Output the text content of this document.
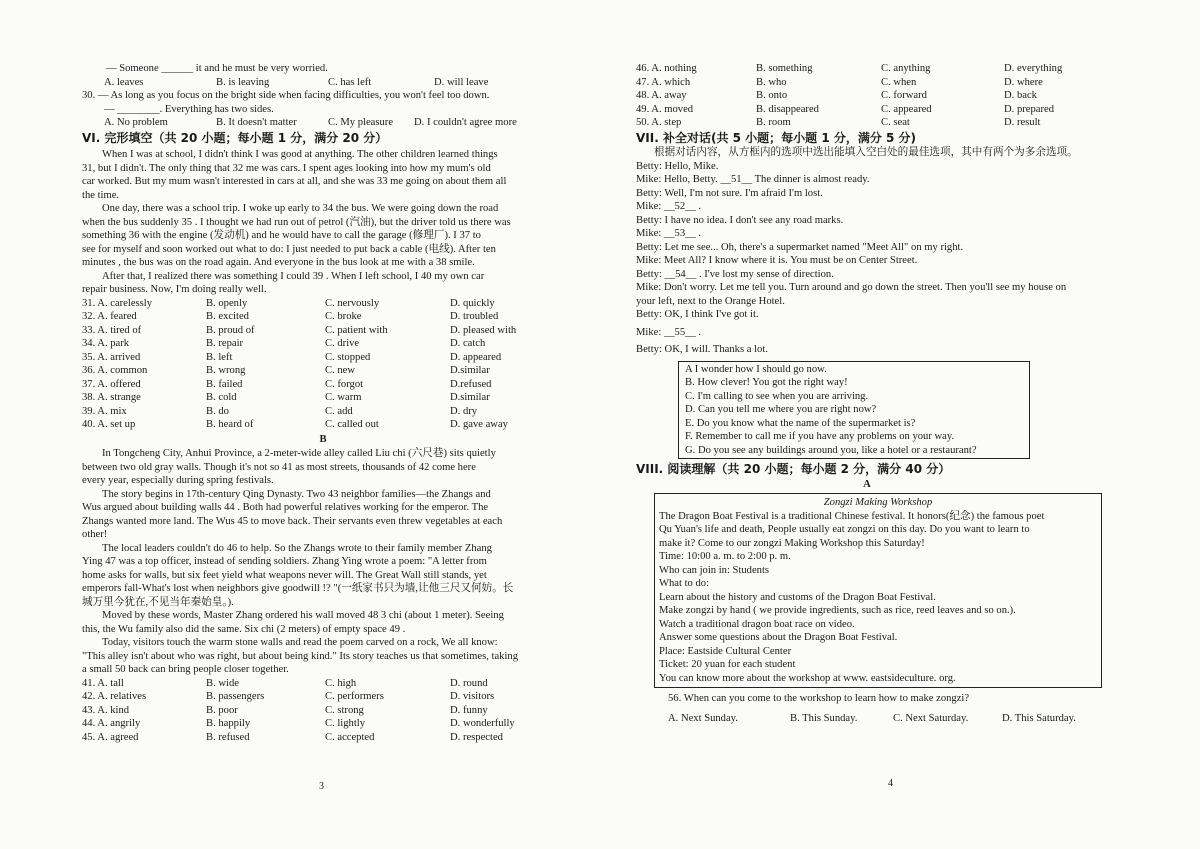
— Someone ______ it and he must be very worried.
A. leaves	B. is leaving	C. has left	D. will leave
30. — As long as you focus on the bright side when facing difficulties, you won't feel too down.
— ________. Everything has two sides.
A. No problem	B. It doesn't matter	C. My pleasure	D. I couldn't agree more
VI. 完形填空（共 20 小题；每小题 1 分，满分 20 分）
When I was at school, I didn't think I was good at anything. The other children learned things
31, but I didn't. The only thing that 32 me was cars. I spent ages looking into how my mum's old
car worked. But my mum wasn't interested in cars at all, and she was 33 me going on about them all
the time.
One day, there was a school trip. I woke up early to 34 the bus. We were going down the road
when the bus suddenly 35 . I thought we had run out of petrol (汽油), but the driver told us there was
something 36 with the engine (发动机) and he would have to call the garage (修理厂). I 37 to
see for myself and soon worked out what to do: I just needed to put back a cable (电线). After ten
minutes , the bus was on the road again. And everyone in the bus look at me with a 38 smile.
After that, I realized there was something I could 39 . When I left school, I 40 my own car
repair business. Now, I'm doing really well.
31. A. carelessly	B. openly	C. nervously	D. quickly
32. A. feared	B. excited	C. broke	D. troubled
33. A. tired of	B. proud of	C. patient with	D. pleased with
34. A. park	B. repair	C. drive	D. catch
35. A. arrived	B. left	C. stopped	D. appeared
36. A. common	B. wrong	C. new	D.similar
37. A. offered	B. failed	C. forgot	D.refused
38. A. strange	B. cold	C. warm	D.similar
39. A. mix	B. do	C. add	D. dry
40. A. set up	B. heard of	C. called out	D. gave away
B
In Tongcheng City, Anhui Province, a 2-meter-wide alley called Liu chi (六尺巷) sits quietly
between two old gray walls. Though it's not so 41 as most streets, thousands of 42 come here
every year, especially during spring festivals.
The story begins in 17th-century Qing Dynasty. Two 43 neighbor families—the Zhangs and
Wus argued about building walls 44 . Both had powerful relatives working for the emperor. The
Zhangs wanted more land. The Wus 45 to move back. Their servants even threw vegetables at each
other!
The local leaders couldn't do 46 to help. So the Zhangs wrote to their family member Zhang
Ying 47 was a top officer, instead of sending soldiers. Zhang Ying wrote a poem: "A letter from
home asks for walls, but six feet yield what weapons never will. The Great Wall still stands, yet
emperors fall-What's lost when neighbors give goodwill !? "(一纸家书只为墙,让他三尺又何妨。长
城万里今犹在,不见当年秦始皇。).
Moved by these words, Master Zhang ordered his wall moved 48 3 chi (about 1 meter). Seeing
this, the Wu family also did the same. Six chi (2 meters) of empty space 49 .
Today, visitors touch the warm stone walls and read the poem carved on a rock, We all know:
"This alley isn't about who was right, but about being kind." Its story teaches us that sometimes, taking
a small 50 back can bring people closer together.
41. A. tall	B. wide	C. high	D. round
42. A. relatives	B. passengers	C. performers	D. visitors
43. A. kind	B. poor	C. strong	D. funny
44. A. angrily	B. happily	C. lightly	D. wonderfully
45. A. agreed	B. refused	C. accepted	D. respected
3
46. A. nothing	B. something	C. anything	D. everything
47. A. which	B. who	C. when	D. where
48. A. away	B. onto	C. forward	D. back
49. A. moved	B. disappeared	C. appeared	D. prepared
50. A. step	B. room	C. seat	D. result
VII. 补全对话(共 5 小题；每小题 1 分，满分 5 分)
根据对话内容，从方框内的选项中选出能填入空白处的最佳选项，其中有两个为多余选项。
Betty: Hello, Mike.
Mike: Hello, Betty. __51__ The dinner is almost ready.
Betty: Well, I'm not sure. I'm afraid I'm lost.
Mike: __52__ .
Betty: I have no idea. I don't see any road marks.
Mike: __53__ .
Betty: Let me see... Oh, there's a supermarket named "Meet All" on my right.
Mike: Meet All? I know where it is. You must be on Center Street.
Betty: __54__ . I've lost my sense of direction.
Mike: Don't worry. Let me tell you. Turn around and go down the street. Then you'll see my house on
your left, next to the Orange Hotel.
Betty: OK, I think I've got it.
Mike: __55__ .
Betty: OK, I will. Thanks a lot.
A I wonder how I should go now.
B. How clever! You got the right way!
C. I'm calling to see when you are arriving.
D. Can you tell me where you are right now?
E. Do you know what the name of the supermarket is?
F. Remember to call me if you have any problems on your way.
G. Do you see any buildings around you, like a hotel or a restaurant?
VIII. 阅读理解（共 20 小题；每小题 2 分，满分 40 分）
A
Zongzi Making Workshop
The Dragon Boat Festival is a traditional Chinese festival. It honors(纪念) the famous poet
Qu Yuan's life and death, People usually eat zongzi on this day. Do you want to learn to
make it? Come to our zongzi Making Workshop this Saturday!
Time: 10:00 a. m. to 2:00 p. m.
Who can join in: Students
What to do:
Learn about the history and customs of the Dragon Boat Festival.
Make zongzi by hand ( we provide ingredients, such as rice, reed leaves and so on.).
Watch a traditional dragon boat race on video.
Answer some questions about the Dragon Boat Festival.
Place: Eastside Cultural Center
Ticket: 20 yuan for each student
You can know more about the workshop at www. eastsideculture. org.
56. When can you come to the workshop to learn how to make zongzi?
A. Next Sunday.	B. This Sunday.	C. Next Saturday.	D. This Saturday.
4
